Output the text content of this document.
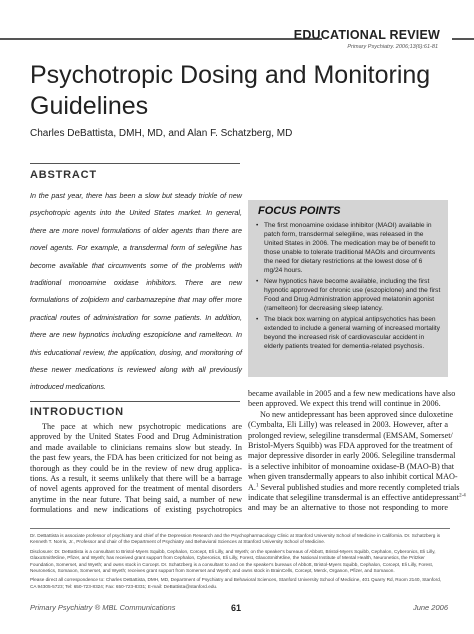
EDUCATIONAL REVIEW
Primary Psychiatry. 2006;13(6):61-81
Psychotropic Dosing and Monitoring Guidelines
Charles DeBattista, DMH, MD, and Alan F. Schatzberg, MD
ABSTRACT
In the past year, there has been a slow but steady trickle of new psychotropic agents into the United States market. In general, there are more novel formulations of older agents than there are novel agents. For example, a transdermal form of selegiline has become available that circumvents some of the problems with traditional monoamine oxidase inhibitors. There are new formulations of zolpidem and carbamazepine that may offer more practical routes of administration for some patients. In addition, there are new hypnotics including eszopiclone and ramelteon. In this educational review, the application, dosing, and monitoring of these newer medications is reviewed along with all previously introduced medications.
FOCUS POINTS
• The first monoamine oxidase inhibitor (MAOI) available in patch form, transdermal selegiline, was released in the United States in 2006. The medication may be of benefit to those unable to tolerate traditional MAOIs and circumvents the need for dietary restrictions at the lowest dose of 6 mg/24 hours.
• New hypnotics have become available, including the first hypnotic approved for chronic use (eszopiclone) and the first Food and Drug Administration approved melatonin agonist (ramelteon) for decreasing sleep latency.
• The black box warning on atypical antipsychotics has been extended to include a general warning of increased mortality beyond the increased risk of cardiovascular accident in elderly patients treated for dementia-related psychosis.
INTRODUCTION
The pace at which new psychotropic medications are
approved by the United States Food and Drug Administration
and made available to clinicians remains slow but steady. In
the past few years, the FDA has been criticized for not being as
thorough as they could be in the review of new drug applica-
tions. As a result, it seems unlikely that there will be a barrage
of novel agents approved for the treatment of mental disorders
anytime in the near future. That being said, a number of new
formulations and new indications of existing psychotropics
became available in 2005 and a few new medications have also
been approved. We expect this trend will continue in 2006.
No new antidepressant has been approved since duloxetine
(Cymbalta, Eli Lilly) was released in 2003. However, after a
prolonged review, selegiline transdermal (EMSAM, Somerset/
Bristol-Myers Squibb) was FDA approved for the treatment of
major depressive disorder in early 2006. Selegiline transdermal
is a selective inhibitor of monoamine oxidase-B (MAO-B) that
when given transdermally appears to also inhibit cortical MAO-
A.$^1$ Several published studies and more recently completed trials
indicate that selegiline transdermal is an effective antidepressant$^{2-4}$
and may be an alternative to those not responding to more

Dr. DeBattista is associate professor of psychiatry and chief of the Depression Research and the Psychopharmacology Clinic at Stanford University School of Medicine in California. Dr. Schatzberg is Kenneth T. Norris, Jr., Professor and chair of the Department of Psychiatry and Behavioral Sciences at Stanford University School of Medicine.

Disclosure: Dr. DeBattista is a consultant to Bristol-Myers Squibb, Cephalon, Corcept, Eli Lilly, and Wyeth; on the speaker's bureaus of Abbott, Bristol-Myers Squibb, Cephalon, Cyberonics, Eli Lilly, GlaxoSmithKline, Pfizer, and Wyeth; has received grant support from Cephalon, Cyberonics, Eli Lilly, Forest, GlaxoSmithKline, the National Institute of Mental Health, Neuronetics, the Pritzker Foundation, Somerset, and Wyeth; and owns stock in Corcept. Dr. Schatzberg is a consultant to and on the speaker's bureaus of Abbott, Bristol-Myers Squibb, Cephalon, Corcept, Eli Lilly, Forest, Neuronetics, Somaxon, Somerset, and Wyeth; receives grant support from Somerset and Wyeth; and owns stock in BrainCells, Corcept, Merck, Organon, Pfizer, and Somaxon.

Please direct all correspondence to: Charles DeBattista, DMH, MD, Department of Psychiatry and Behavioral Sciences, Stanford University School of Medicine, 401 Quarry Rd, Room 2140, Stanford, CA 94305-5723; Tel: 650-723-8324; Fax: 650-723-8331; E-mail: DeBattista@stanford.edu.

Primary Psychiatry ® MBL Communications	61	June 2006
